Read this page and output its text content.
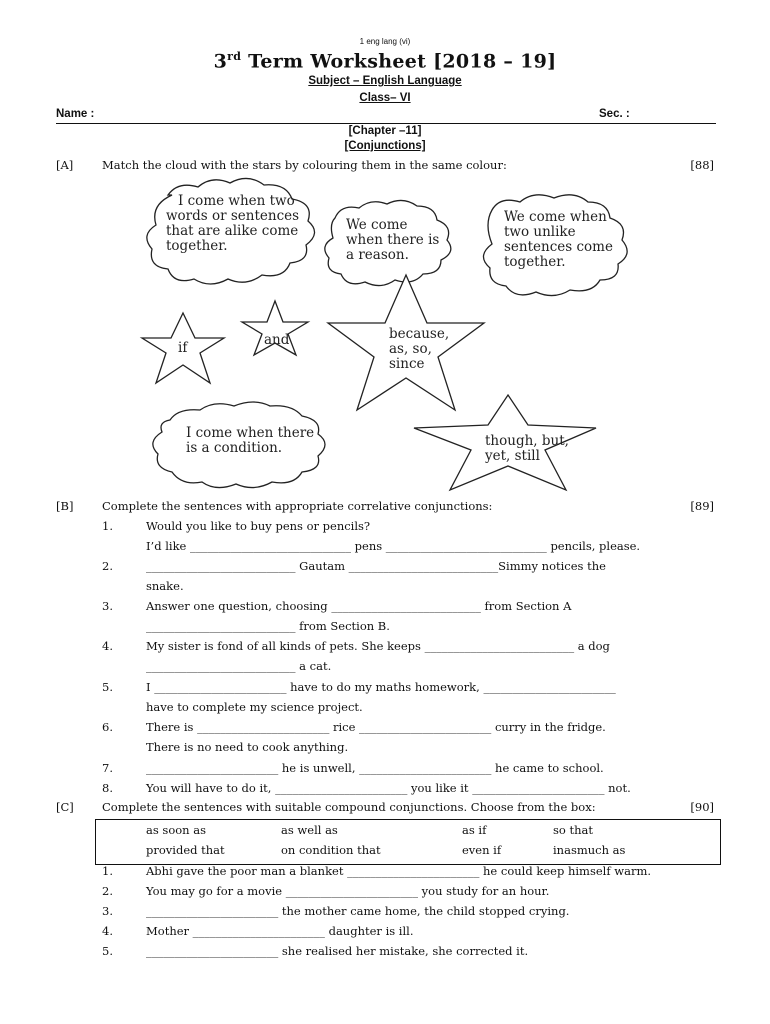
1 eng lang (vi)
3rd Term Worksheet [2018 – 19]
Subject – English Language
Class– VI
Name :	Sec. :
[Chapter –11]
[Conjunctions]
[A] Match the cloud with the stars by colouring them in the same colour:	[88]
I come when two
words or sentences
that are alike come
together.
We come
when there is
a reason.
We come when
two unlike
sentences come
together.
I come when there
is a condition.
if	and	because,
as, so,
since
though, but,
yet, still
[B] Complete the sentences with appropriate correlative conjunctions:	[89]
1.	Would you like to buy pens or pencils?
I’d like ____________________________ pens ____________________________ pencils, please.
2.	__________________________ Gautam __________________________Simmy notices the
snake.
3.	Answer one question, choosing __________________________ from Section A
__________________________ from Section B.
4.	My sister is fond of all kinds of pets. She keeps __________________________ a dog
__________________________ a cat.
5.	I _______________________ have to do my maths homework, _______________________
have to complete my science project.
6.	There is _______________________ rice _______________________ curry in the fridge.
There is no need to cook anything.
7.	_______________________ he is unwell, _______________________ he came to school.
8.	You will have to do it, _______________________ you like it _______________________ not.
[C] Complete the sentences with suitable compound conjunctions. Choose from the box:	[90]
as soon as	as well as	as if	so that
provided that	on condition that	even if	inasmuch as
1.	Abhi gave the poor man a blanket _______________________ he could keep himself warm.
2.	You may go for a movie _______________________ you study for an hour.
3.	_______________________ the mother came home, the child stopped crying.
4.	Mother _______________________ daughter is ill.
5.	_______________________ she realised her mistake, she corrected it.
